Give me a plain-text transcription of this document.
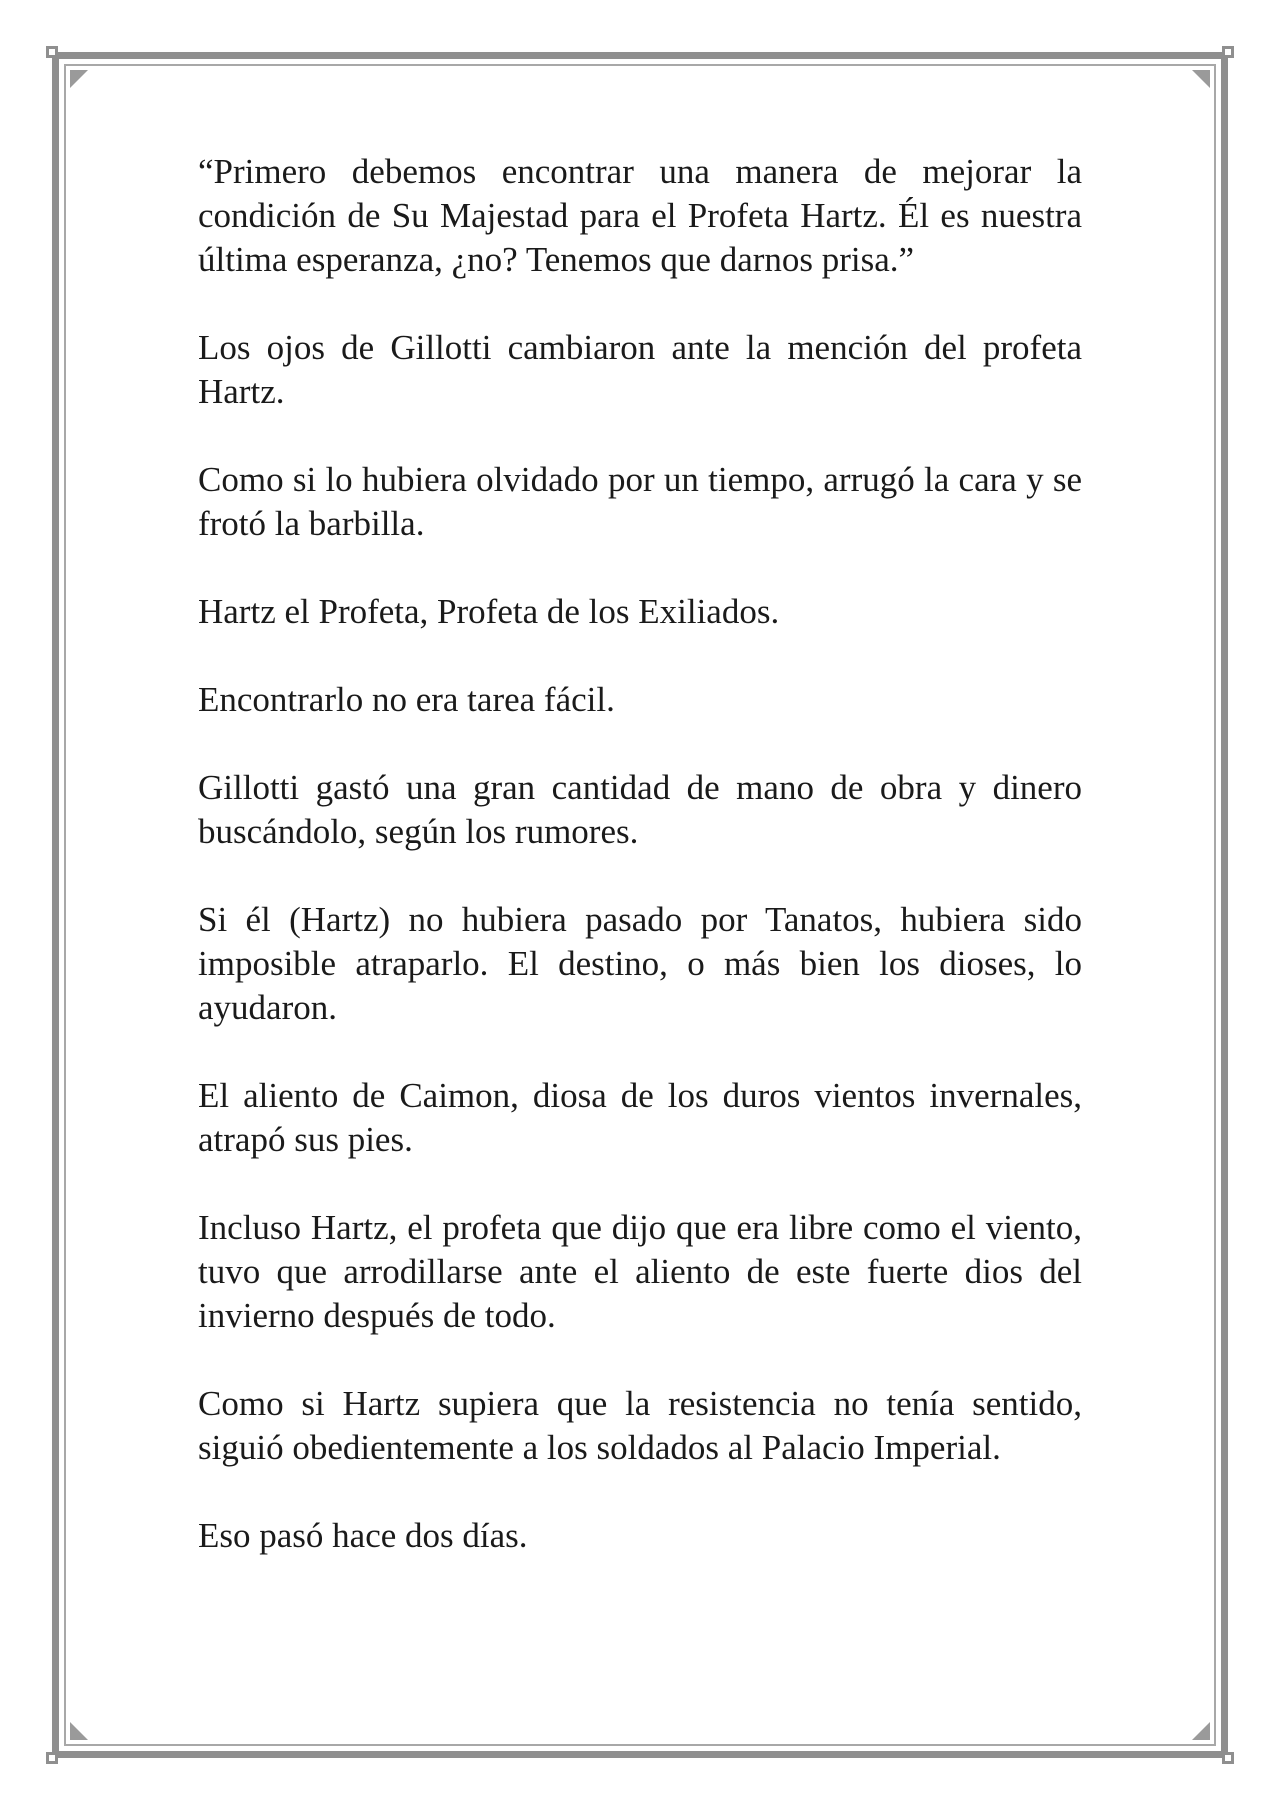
“Primero debemos encontrar una manera de mejorar la condición de Su Majestad para el Profeta Hartz. Él es nuestra última esperanza, ¿no? Tenemos que darnos prisa.”

Los ojos de Gillotti cambiaron ante la mención del profeta Hartz.

Como si lo hubiera olvidado por un tiempo, arrugó la cara y se frotó la barbilla.

Hartz el Profeta, Profeta de los Exiliados.

Encontrarlo no era tarea fácil.

Gillotti gastó una gran cantidad de mano de obra y dinero buscándolo, según los rumores.

Si él (Hartz) no hubiera pasado por Tanatos, hubiera sido imposible atraparlo. El destino, o más bien los dioses, lo ayudaron.

El aliento de Caimon, diosa de los duros vientos invernales, atrapó sus pies.

Incluso Hartz, el profeta que dijo que era libre como el viento, tuvo que arrodillarse ante el aliento de este fuerte dios del invierno después de todo.

Como si Hartz supiera que la resistencia no tenía sentido, siguió obedientemente a los soldados al Palacio Imperial.

Eso pasó hace dos días.
